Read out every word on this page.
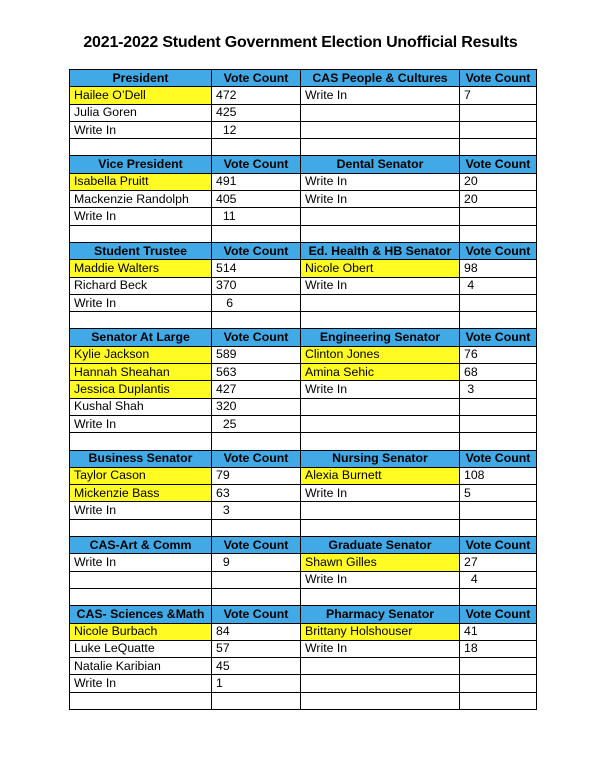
2021-2022 Student Government Election Unofficial Results
President	Vote Count	CAS People & Cultures	Vote Count
Hailee O’Dell	472	Write In	7
Julia Goren	425		
Write In	12		

Vice President	Vote Count	Dental Senator	Vote Count
Isabella Pruitt	491	Write In	20
Mackenzie Randolph	405	Write In	20
Write In	11		

Student Trustee	Vote Count	Ed. Health & HB Senator	Vote Count
Maddie Walters	514	Nicole Obert	98
Richard Beck	370	Write In	4
Write In	6		

Senator At Large	Vote Count	Engineering Senator	Vote Count
Kylie Jackson	589	Clinton Jones	76
Hannah Sheahan	563	Amina Sehic	68
Jessica Duplantis	427	Write In	3
Kushal Shah	320		
Write In	25		

Business Senator	Vote Count	Nursing Senator	Vote Count
Taylor Cason	79	Alexia Burnett	108
Mickenzie Bass	63	Write In	5
Write In	3		

CAS-Art & Comm	Vote Count	Graduate Senator	Vote Count
Write In	9	Shawn Gilles	27
		Write In	4

CAS- Sciences &Math	Vote Count	Pharmacy Senator	Vote Count
Nicole Burbach	84	Brittany Holshouser	41
Luke LeQuatte	57	Write In	18
Natalie Karibian	45		
Write In	1		
